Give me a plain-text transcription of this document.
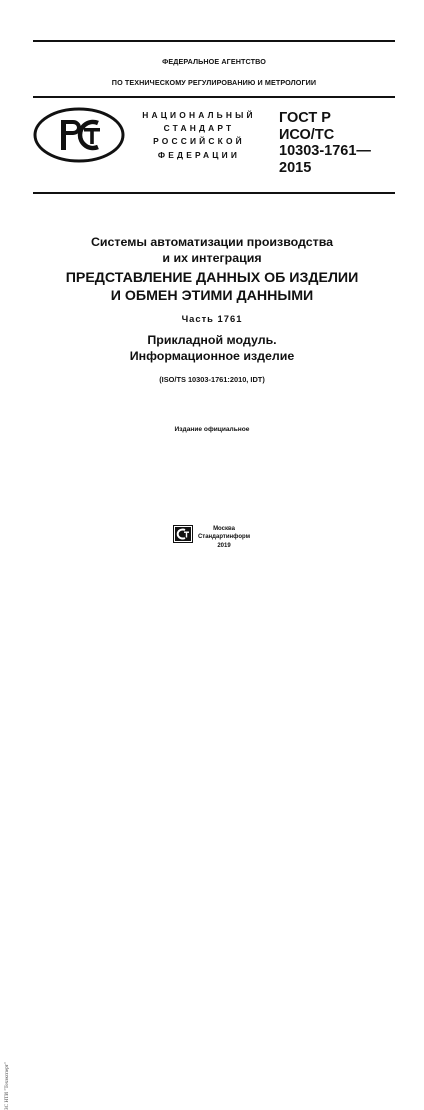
ФЕДЕРАЛЬНОЕ АГЕНТСТВО
ПО ТЕХНИЧЕСКОМУ РЕГУЛИРОВАНИЮ И МЕТРОЛОГИИ
НАЦИОНАЛЬНЫЙ
СТАНДАРТ
РОССИЙСКОЙ
ФЕДЕРАЦИИ
ГОСТ Р
ИСО/ТС
10303-1761—
2015
Системы автоматизации производства
и их интеграция
ПРЕДСТАВЛЕНИЕ ДАННЫХ ОБ ИЗДЕЛИИ
И ОБМЕН ЭТИМИ ДАННЫМИ
Часть 1761
Прикладной модуль.
Информационное изделие
(ISO/TS 10303-1761:2010, IDT)
Издание официальное
Москва
Стандартинформ
2019
ЗС НТИ "Техэксперт"
